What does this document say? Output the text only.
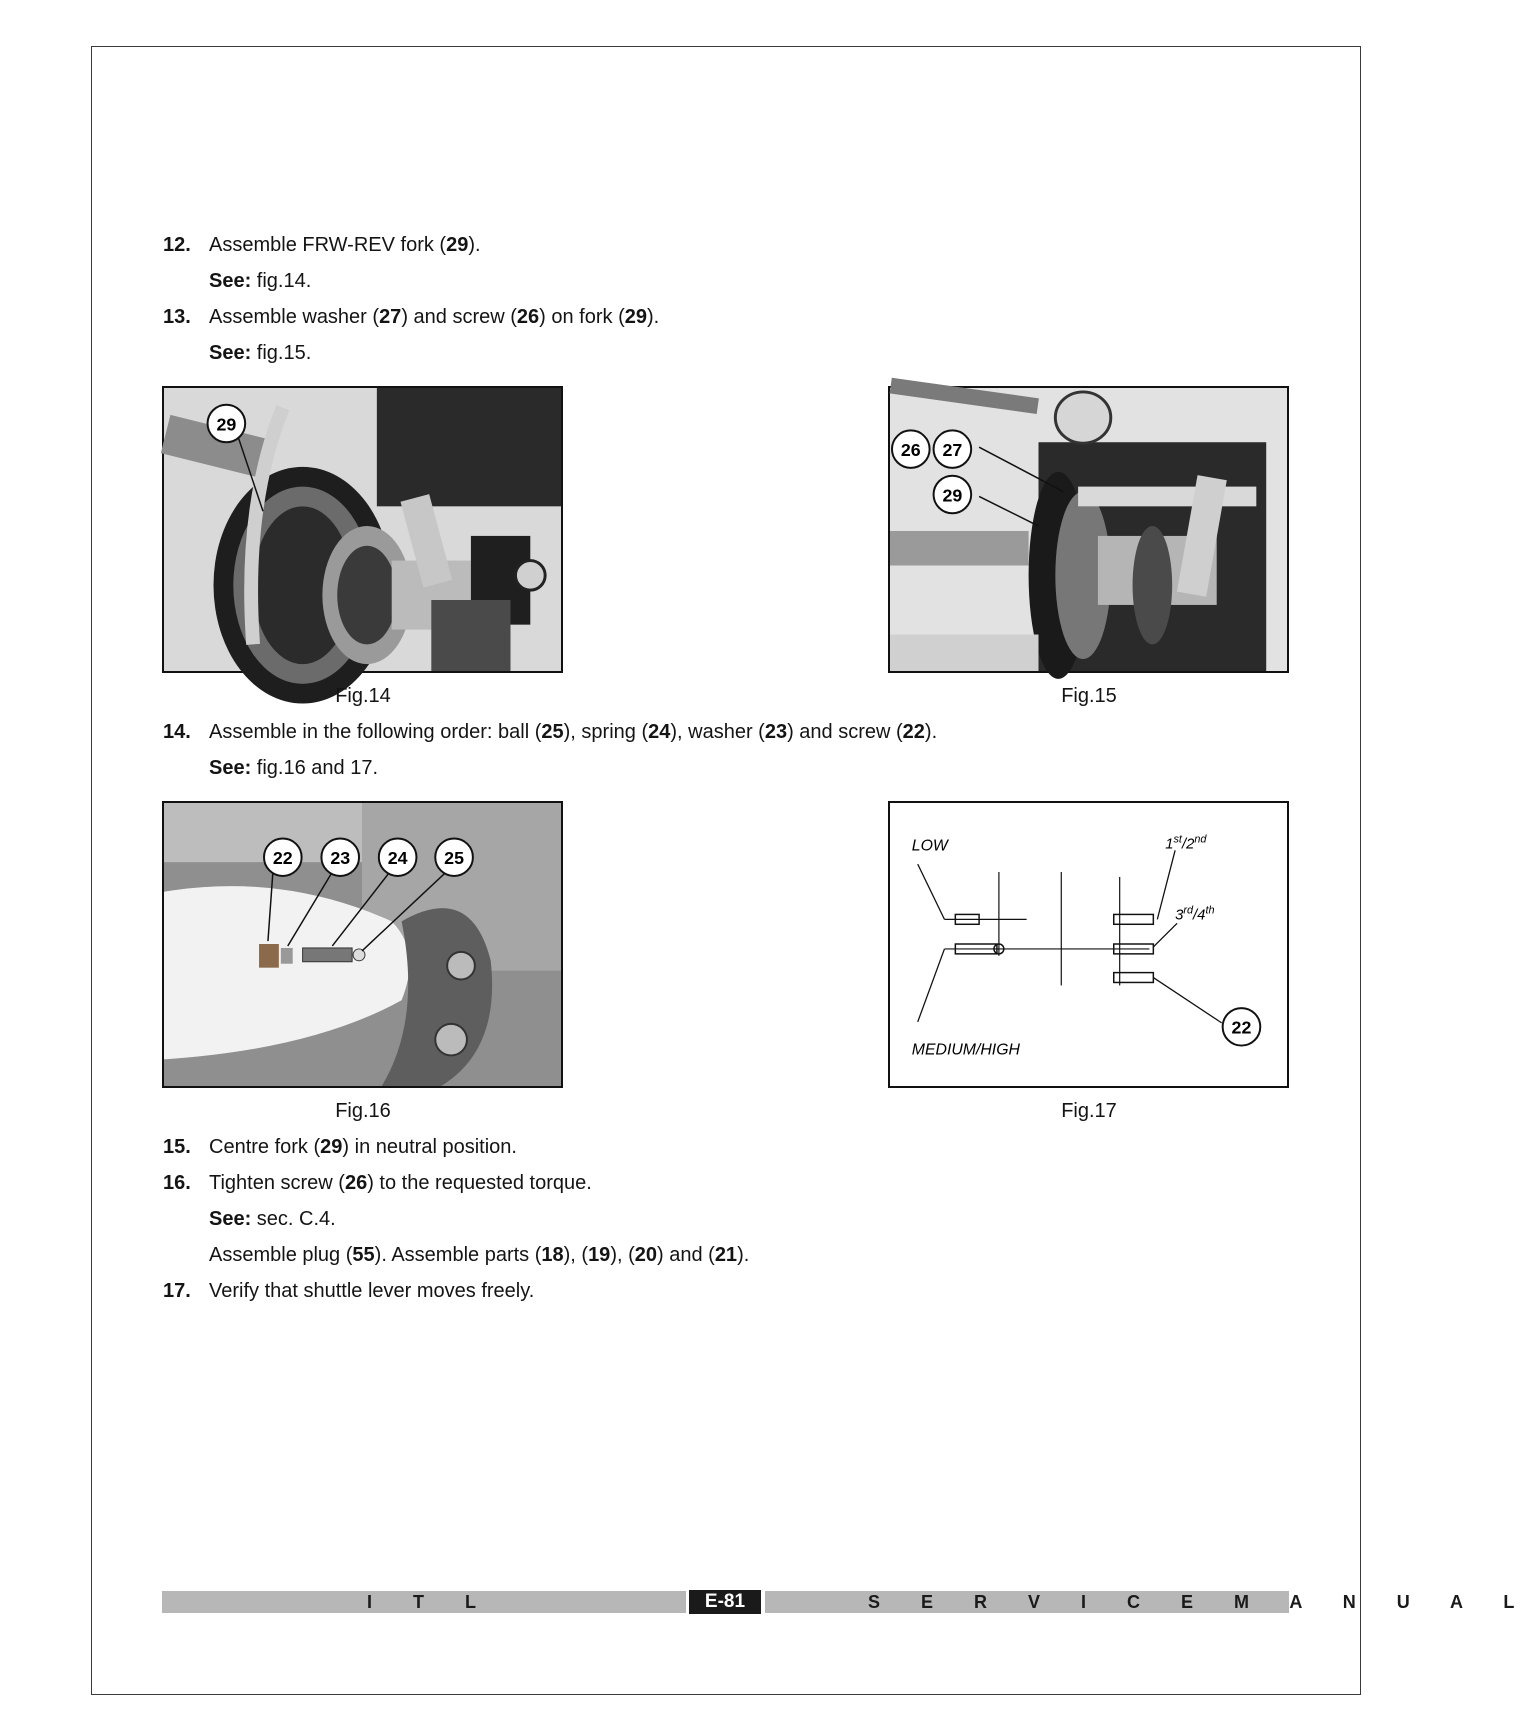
12. Assemble FRW-REV fork (29).
See: fig.14.
13. Assemble washer (27) and screw (26) on fork (29).
See: fig.15.
29
Fig.14
26 27
29
Fig.15
14. Assemble in the following order: ball (25), spring (24), washer (23) and screw (22).
See: fig.16 and 17.
22 23 24 25
Fig.16
LOW
MEDIUM/HIGH
1st/2nd
3rd/4th
22
Fig.17
15. Centre fork (29) in neutral position.
16. Tighten screw (26) to the requested torque.
See: sec. C.4.
Assemble plug (55). Assemble parts (18), (19), (20) and (21).
17. Verify that shuttle lever moves freely.
I T L	E-81	S E R V I C E M A N U A L
